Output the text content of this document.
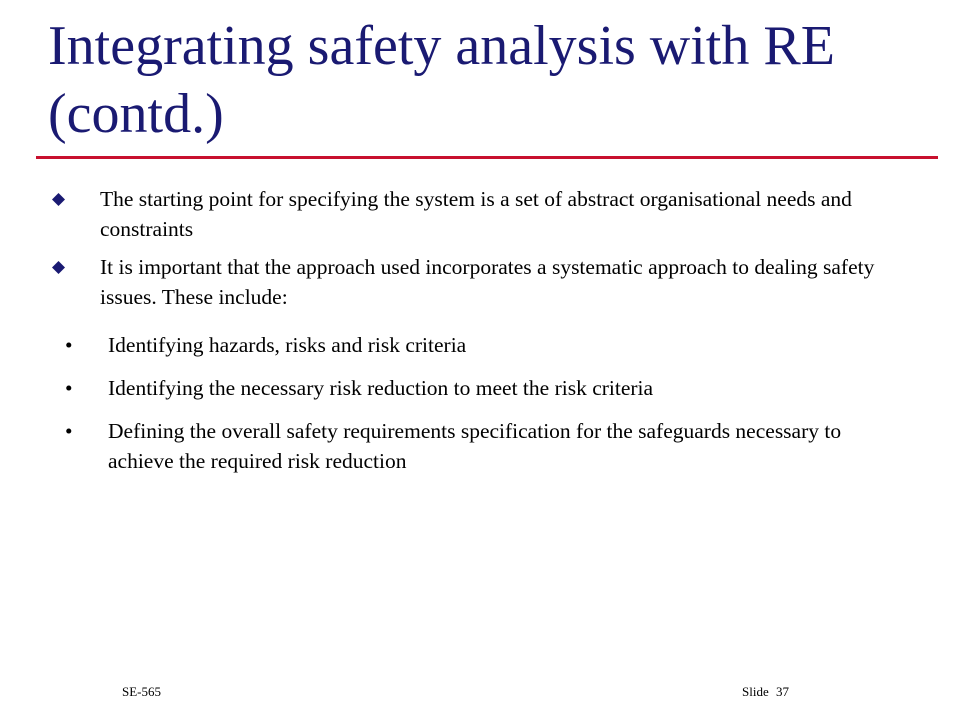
Integrating safety analysis with RE (contd.)
The starting point for specifying the system is a set of abstract organisational needs and constraints
It is important that the approach used incorporates a systematic approach to dealing safety issues. These include:
• Identifying hazards, risks and risk criteria
• Identifying the necessary risk reduction to meet the risk criteria
• Defining the overall safety requirements specification for the safeguards necessary to achieve the required risk reduction
SE-565	Slide 37
